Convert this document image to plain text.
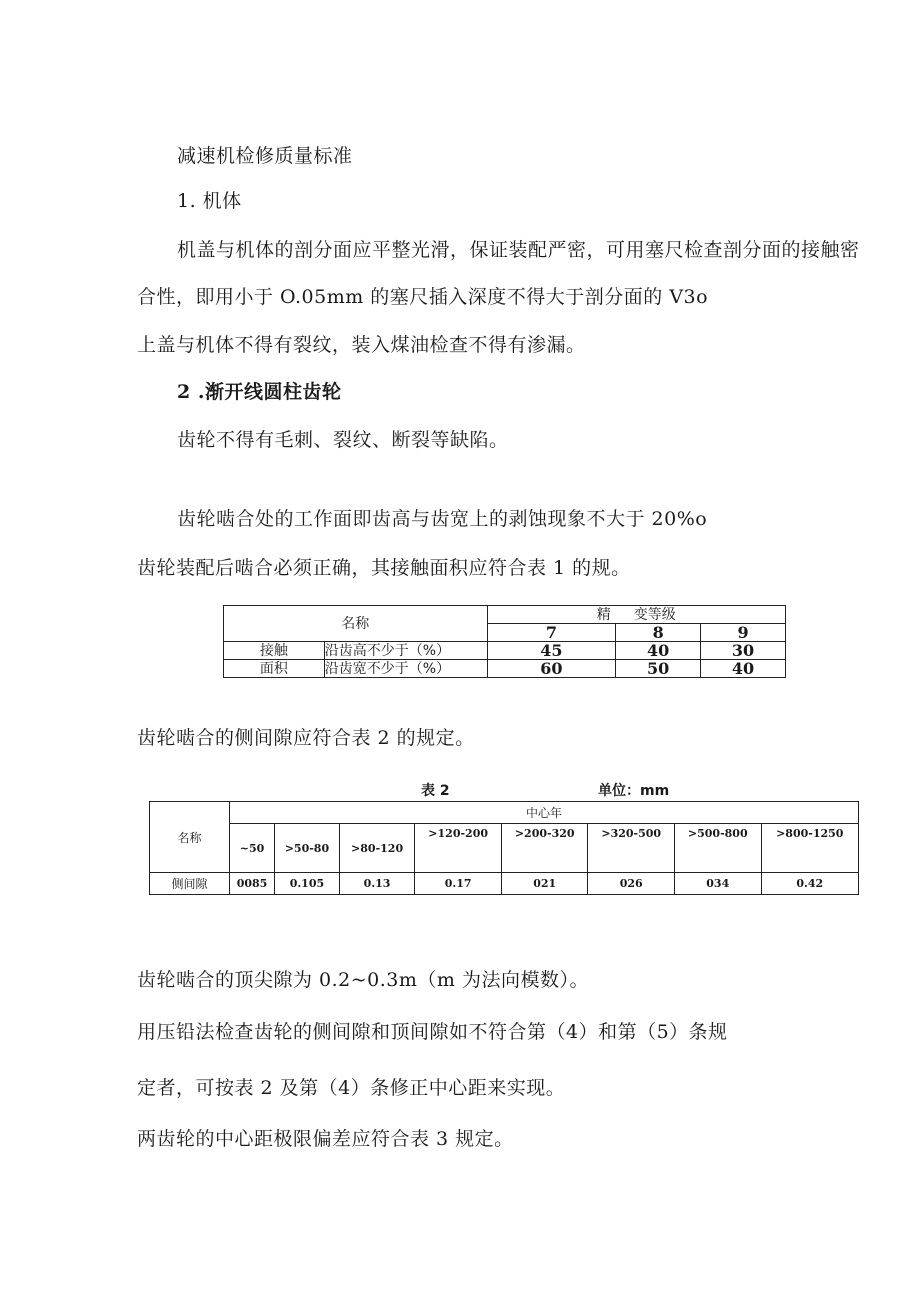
减速机检修质量标准
1. 机体
机盖与机体的剖分面应平整光滑，保证装配严密，可用塞尺检查剖分面的接触密
合性，即用小于 O.05mm 的塞尺插入深度不得大于剖分面的 V3o
上盖与机体不得有裂纹，装入煤油检查不得有渗漏。
2 .渐开线圆柱齿轮
齿轮不得有毛刺、裂纹、断裂等缺陷。
齿轮啮合处的工作面即齿高与齿宽上的剥蚀现象不大于 20%o
齿轮装配后啮合必须正确，其接触面积应符合表 1 的规。
名称		精 变等级		
		7	8	9
接触	沿齿高不少于（%）	45	40	30
面积	沿齿宽不少于（%）	60	50	40
齿轮啮合的侧间隙应符合表 2 的规定。
表 2	单位：mm
名称	中心年							
	~50	>50-80	>80-120	>120-200	>200-320	>320-500	>500-800	>800-1250
侧间隙	0085	0.105	0.13	0.17	021	026	034	0.42
齿轮啮合的顶尖隙为 0.2~0.3m（m 为法向模数）。
用压铅法检查齿轮的侧间隙和顶间隙如不符合第（4）和第（5）条规
定者，可按表 2 及第（4）条修正中心距来实现。
两齿轮的中心距极限偏差应符合表 3 规定。
